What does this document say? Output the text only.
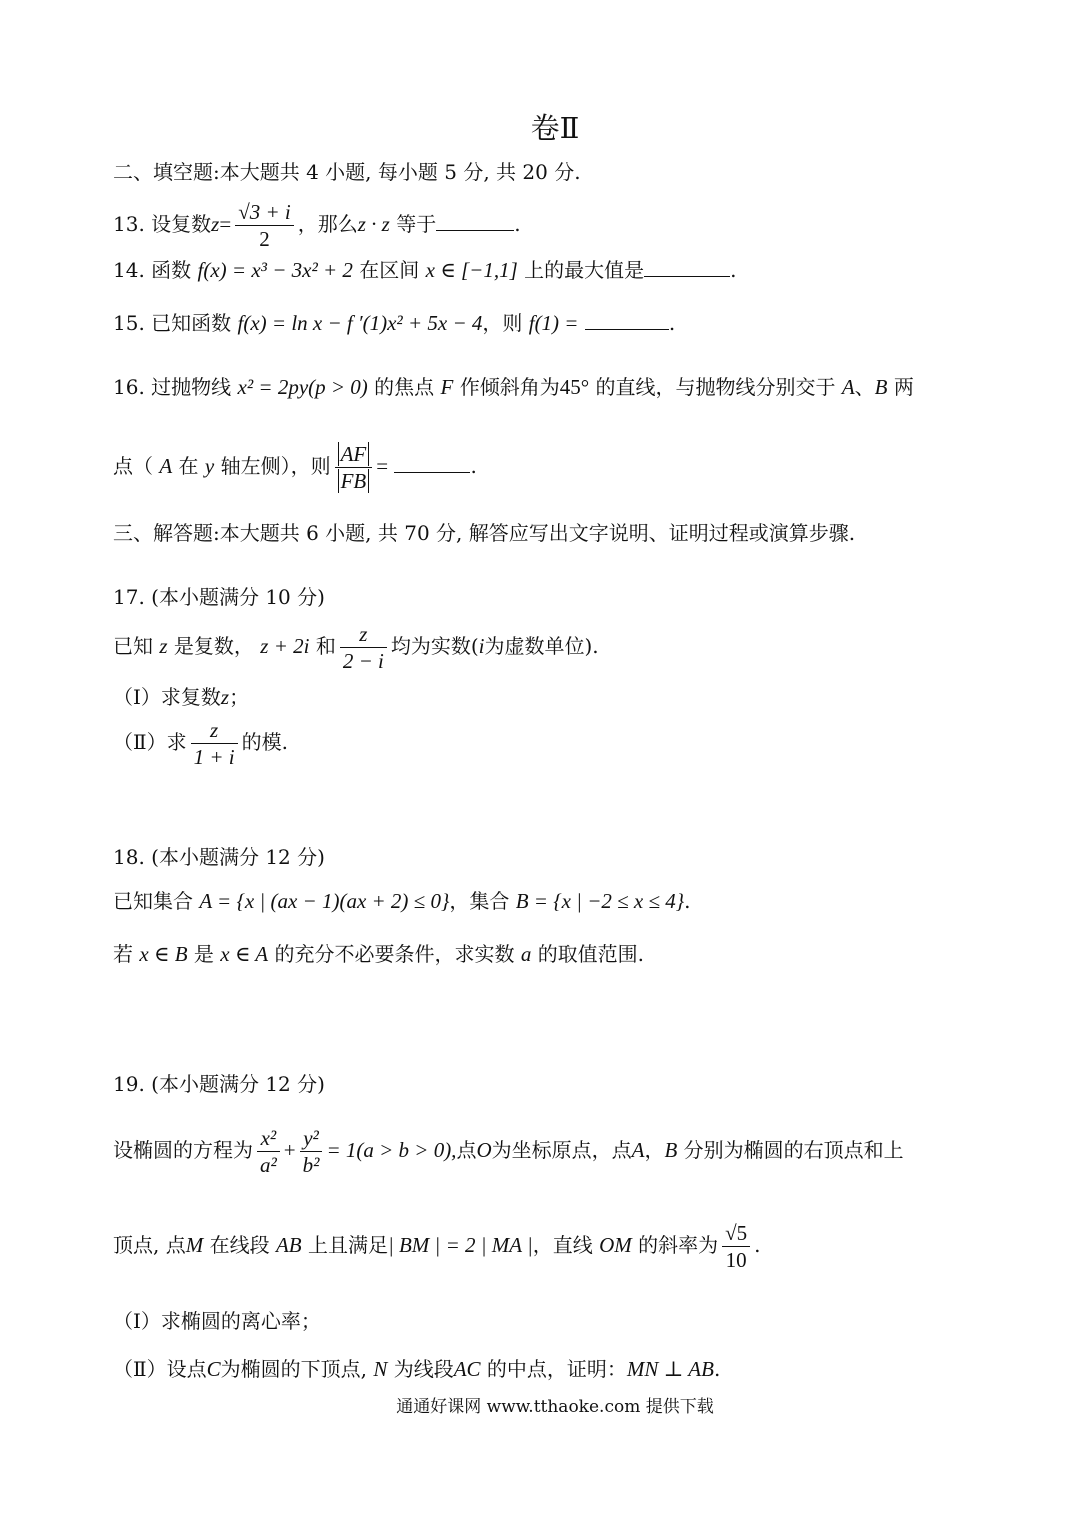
卷Ⅱ
二、填空题:本大题共 4 小题, 每小题 5 分, 共 20 分.
13. 设复数$z= \frac{√3 + i}{2}$ ，那么z · z 等于	.
14. 函数 f(x) = x³ − 3x² + 2 在区间 x ∈ [−1,1] 上的最大值是	.
15. 已知函数 f(x) = ln x − f ′(1)x² + 5x − 4，则 f(1) =	.
16. 过抛物线 x² = 2py(p > 0) 的焦点 F 作倾斜角为45° 的直线，与抛物线分别交于 A、B 两
点（ A 在 y 轴左侧），则 $\frac{AF}{FB}$ =	.
三、解答题:本大题共 6 小题, 共 70 分, 解答应写出文字说明、证明过程或演算步骤.
17. (本小题满分 10 分)
已知 z 是复数， z + 2i 和 $\frac{z}{2 - i}$ 均为实数(i为虚数单位).
（Ⅰ）求复数z；
（Ⅱ）求 $\frac{z}{1 + i}$ 的模.
18. (本小题满分 12 分)
已知集合 A = {x | (ax − 1)(ax + 2) ≤ 0}，集合 B = {x | −2 ≤ x ≤ 4}.
若 x ∈ B 是 x ∈ A 的充分不必要条件，求实数 a 的取值范围.
19. (本小题满分 12 分)
设椭圆的方程为 $\frac{\text{x²}}{\text{a²}} + \frac{\text{y²}}{\text{b²}} = 1(a > b > 0)$,点O为坐标原点，点A，B 分别为椭圆的右顶点和上
顶点, 点M 在线段 AB 上且满足| BM | = 2 | MA |，直线 OM 的斜率为 $\frac{√5}{10}$ .
（Ⅰ）求椭圆的离心率；
（Ⅱ）设点C为椭圆的下顶点, N 为线段AC 的中点，证明：MN ⊥ AB.
通通好课网 www.tthaoke.com 提供下载
